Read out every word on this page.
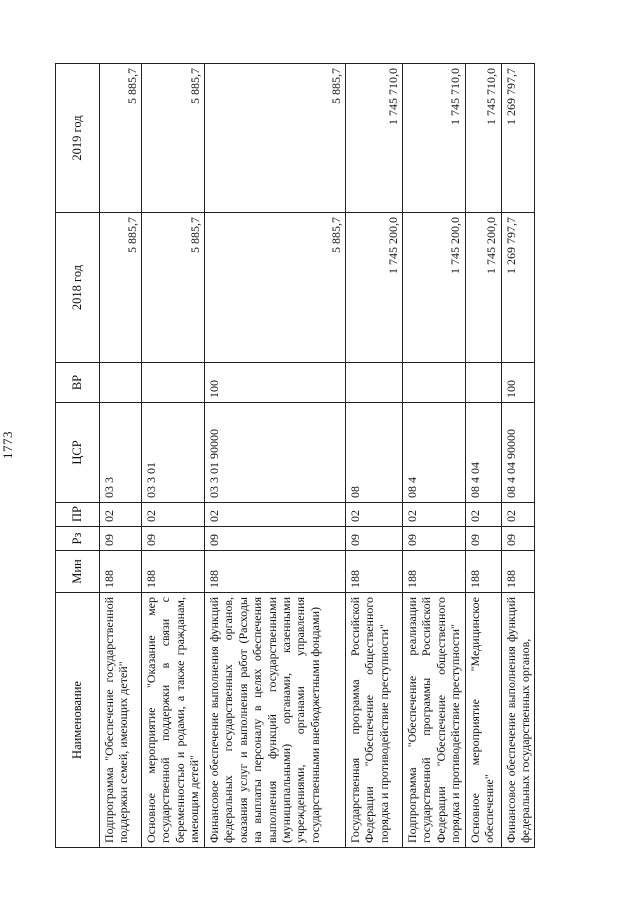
1773
Наименование	Мин	Рз	ПР	ЦСР	ВР	2018 год	2019 год
Подпрограмма "Обеспечение государственной поддержки семей, имеющих детей"	188	09	02	03 3		5 885,7	5 885,7
Основное мероприятие "Оказание мер государственной поддержки в связи с беременностью и родами, а также гражданам, имеющим детей"	188	09	02	03 3 01		5 885,7	5 885,7
Финансовое обеспечение выполнения функций федеральных государственных органов, оказания услуг и выполнения работ (Расходы на выплаты персоналу в целях обеспечения выполнения функций государственными (муниципальными) органами, казенными учреждениями, органами управления государственными внебюджетными фондами)	188	09	02	03 3 01 90000	100	5 885,7	5 885,7
Государственная программа Российской Федерации "Обеспечение общественного порядка и противодействие преступности"	188	09	02	08		1 745 200,0	1 745 710,0
Подпрограмма "Обеспечение реализации государственной программы Российской Федерации "Обеспечение общественного порядка и противодействие преступности"	188	09	02	08 4		1 745 200,0	1 745 710,0
Основное мероприятие "Медицинское обеспечение"	188	09	02	08 4 04		1 745 200,0	1 745 710,0
Финансовое обеспечение выполнения функций федеральных государственных органов,	188	09	02	08 4 04 90000	100	1 269 797,7	1 269 797,7
